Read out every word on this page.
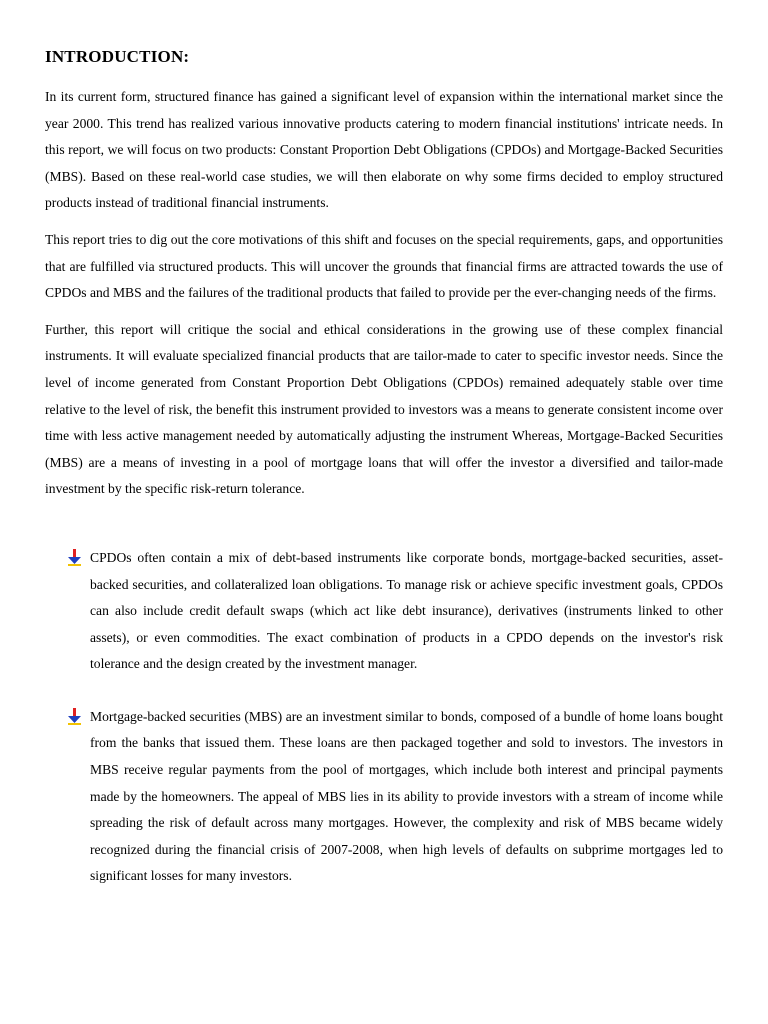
INTRODUCTION:

In its current form, structured finance has gained a significant level of expansion within the international market since the year 2000. This trend has realized various innovative products catering to modern financial institutions' intricate needs. In this report, we will focus on two products: Constant Proportion Debt Obligations (CPDOs) and Mortgage-Backed Securities (MBS). Based on these real-world case studies, we will then elaborate on why some firms decided to employ structured products instead of traditional financial instruments.

This report tries to dig out the core motivations of this shift and focuses on the special requirements, gaps, and opportunities that are fulfilled via structured products. This will uncover the grounds that financial firms are attracted towards the use of CPDOs and MBS and the failures of the traditional products that failed to provide per the ever-changing needs of the firms.

Further, this report will critique the social and ethical considerations in the growing use of these complex financial instruments. It will evaluate specialized financial products that are tailor-made to cater to specific investor needs. Since the level of income generated from Constant Proportion Debt Obligations (CPDOs) remained adequately stable over time relative to the level of risk, the benefit this instrument provided to investors was a means to generate consistent income over time with less active management needed by automatically adjusting the instrument Whereas, Mortgage-Backed Securities (MBS) are a means of investing in a pool of mortgage loans that will offer the investor a diversified and tailor-made investment by the specific risk-return tolerance.

CPDOs often contain a mix of debt-based instruments like corporate bonds, mortgage-backed securities, asset-backed securities, and collateralized loan obligations. To manage risk or achieve specific investment goals, CPDOs can also include credit default swaps (which act like debt insurance), derivatives (instruments linked to other assets), or even commodities. The exact combination of products in a CPDO depends on the investor's risk tolerance and the design created by the investment manager.
Mortgage-backed securities (MBS) are an investment similar to bonds, composed of a bundle of home loans bought from the banks that issued them. These loans are then packaged together and sold to investors. The investors in MBS receive regular payments from the pool of mortgages, which include both interest and principal payments made by the homeowners. The appeal of MBS lies in its ability to provide investors with a stream of income while spreading the risk of default across many mortgages. However, the complexity and risk of MBS became widely recognized during the financial crisis of 2007-2008, when high levels of defaults on subprime mortgages led to significant losses for many investors.
